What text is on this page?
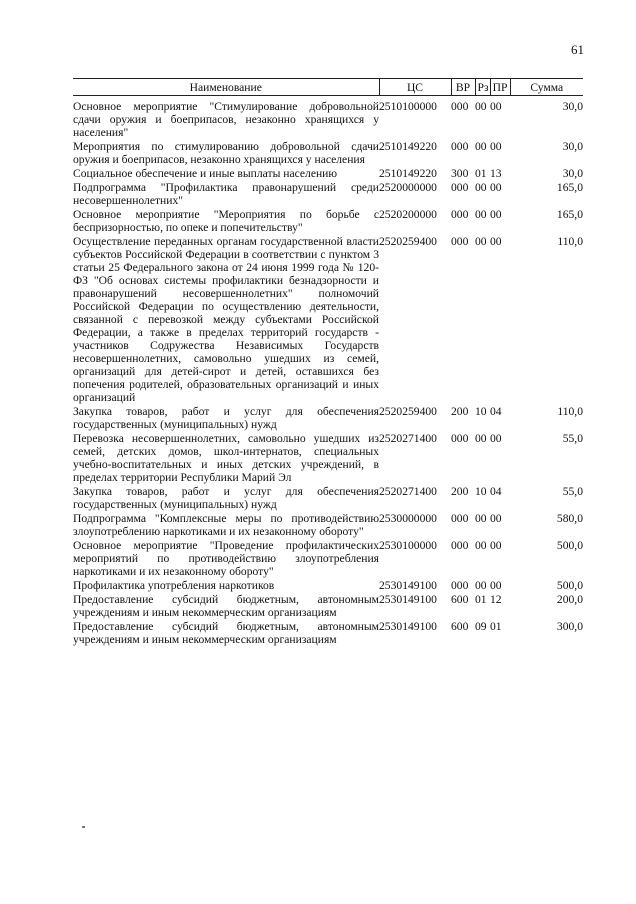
61
Наименование	ЦС	ВР	Рз	ПР	Сумма

Основное мероприятие "Стимулирование добровольной сдачи оружия и боеприпасов, незаконно хранящихся у населения"	2510100000	000	00	00	30,0
Мероприятия по стимулированию добровольной сдачи оружия и боеприпасов, незаконно хранящихся у населения	2510149220	000	00	00	30,0
Социальное обеспечение и иные выплаты населению	2510149220	300	01	13	30,0
Подпрограмма "Профилактика правонарушений среди несовершеннолетних"	2520000000	000	00	00	165,0
Основное мероприятие "Мероприятия по борьбе с беспризорностью, по опеке и попечительству"	2520200000	000	00	00	165,0
Осуществление переданных органам государственной власти субъектов Российской Федерации в соответствии с пунктом 3 статьи 25 Федерального закона от 24 июня 1999 года № 120-ФЗ "Об основах системы профилактики безнадзорности и правонарушений несовершеннолетних" полномочий Российской Федерации по осуществлению деятельности, связанной с перевозкой между субъектами Российской Федерации, а также в пределах территорий государств - участников Содружества Независимых Государств несовершеннолетних, самовольно ушедших из семей, организаций для детей-сирот и детей, оставшихся без попечения родителей, образовательных организаций и иных организаций	2520259400	000	00	00	110,0
Закупка товаров, работ и услуг для обеспечения государственных (муниципальных) нужд	2520259400	200	10	04	110,0
Перевозка несовершеннолетних, самовольно ушедших из семей, детских домов, школ-интернатов, специальных учебно-воспитательных и иных детских учреждений, в пределах территории Республики Марий Эл	2520271400	000	00	00	55,0
Закупка товаров, работ и услуг для обеспечения государственных (муниципальных) нужд	2520271400	200	10	04	55,0
Подпрограмма "Комплексные меры по противодействию злоупотреблению наркотиками и их незаконному обороту"	2530000000	000	00	00	580,0
Основное мероприятие "Проведение профилактических мероприятий по противодействию злоупотребления наркотиками и их незаконному обороту"	2530100000	000	00	00	500,0
Профилактика употребления наркотиков	2530149100	000	00	00	500,0
Предоставление субсидий бюджетным, автономным учреждениям и иным некоммерческим организациям	2530149100	600	01	12	200,0
Предоставление субсидий бюджетным, автономным учреждениям и иным некоммерческим организациям	2530149100	600	09	01	300,0
